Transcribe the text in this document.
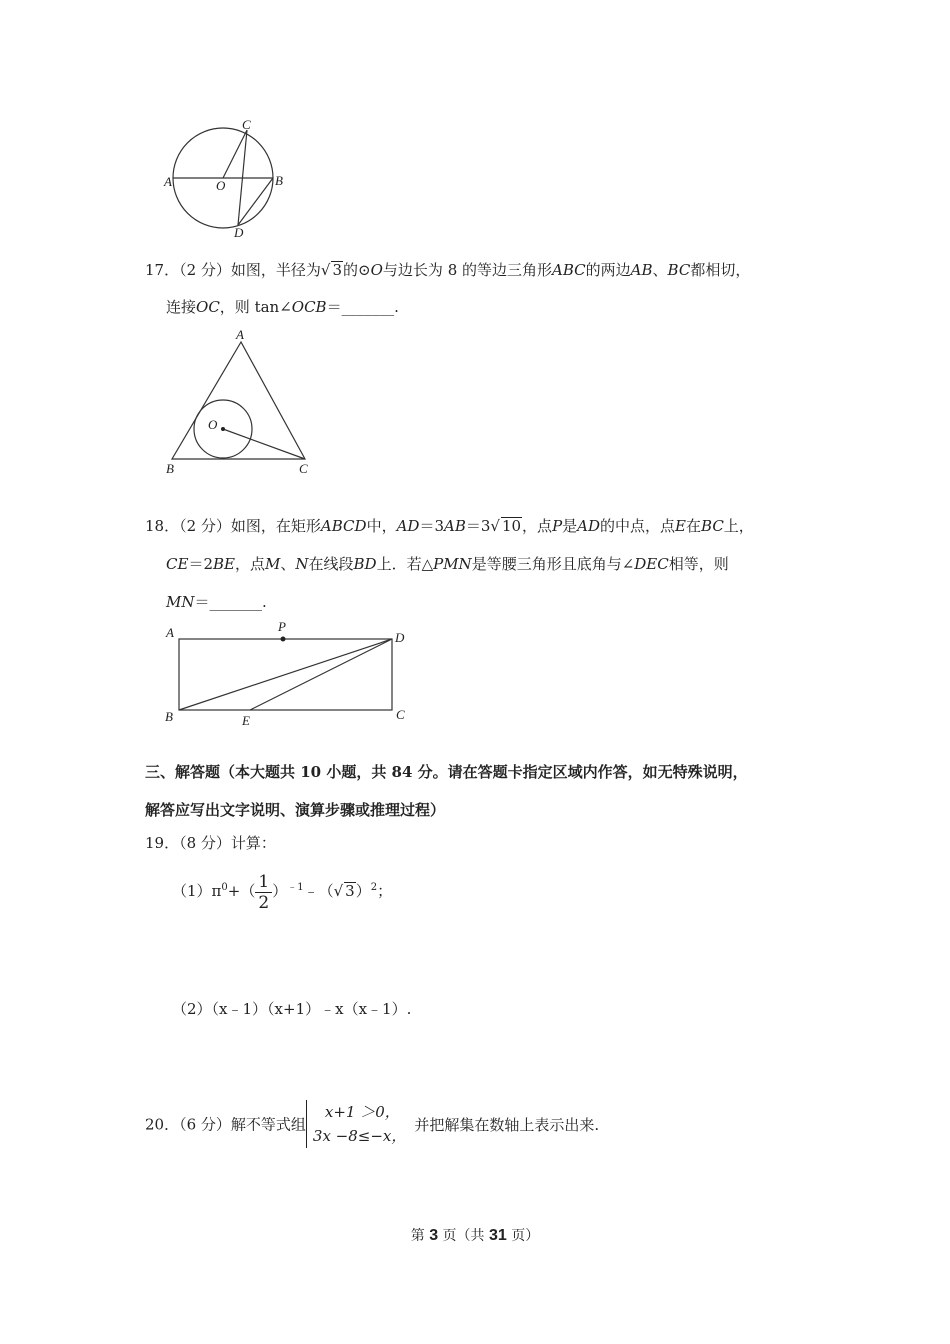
A	O	B
C
D
17．（2 分）如图，半径为√ 3的⊙O与边长为 8 的等边三角形ABC的两边AB、BC都相切，
连接OC，则 tan∠OCB＝_______.
A
B	C
O
18．（2 分）如图，在矩形ABCD中，AD＝3AB＝3√ 10，点P是AD的中点，点E在BC上，
CE＝2BE，点M、N在线段BD上．若△PMN是等腰三角形且底角与∠DEC相等，则
MN＝_______.
A	P
D
B	E	C
三、解答题（本大题共 10 小题，共 84 分。请在答题卡指定区域内作答，如无特殊说明，
解答应写出文字说明、演算步骤或推理过程）
19．（8 分）计算：
$(1)\pi^0+( \frac{1}{2}$ ）$^{﹣1}﹣(√$ 3）$^2$；
（2）（x﹣1）（x+1）﹣x（x﹣1）.
20．（6 分）解不等式组
x+1 ＞0，
3x −8≤−x，
并把解集在数轴上表示出来.
第 3 页（共 31 页）
